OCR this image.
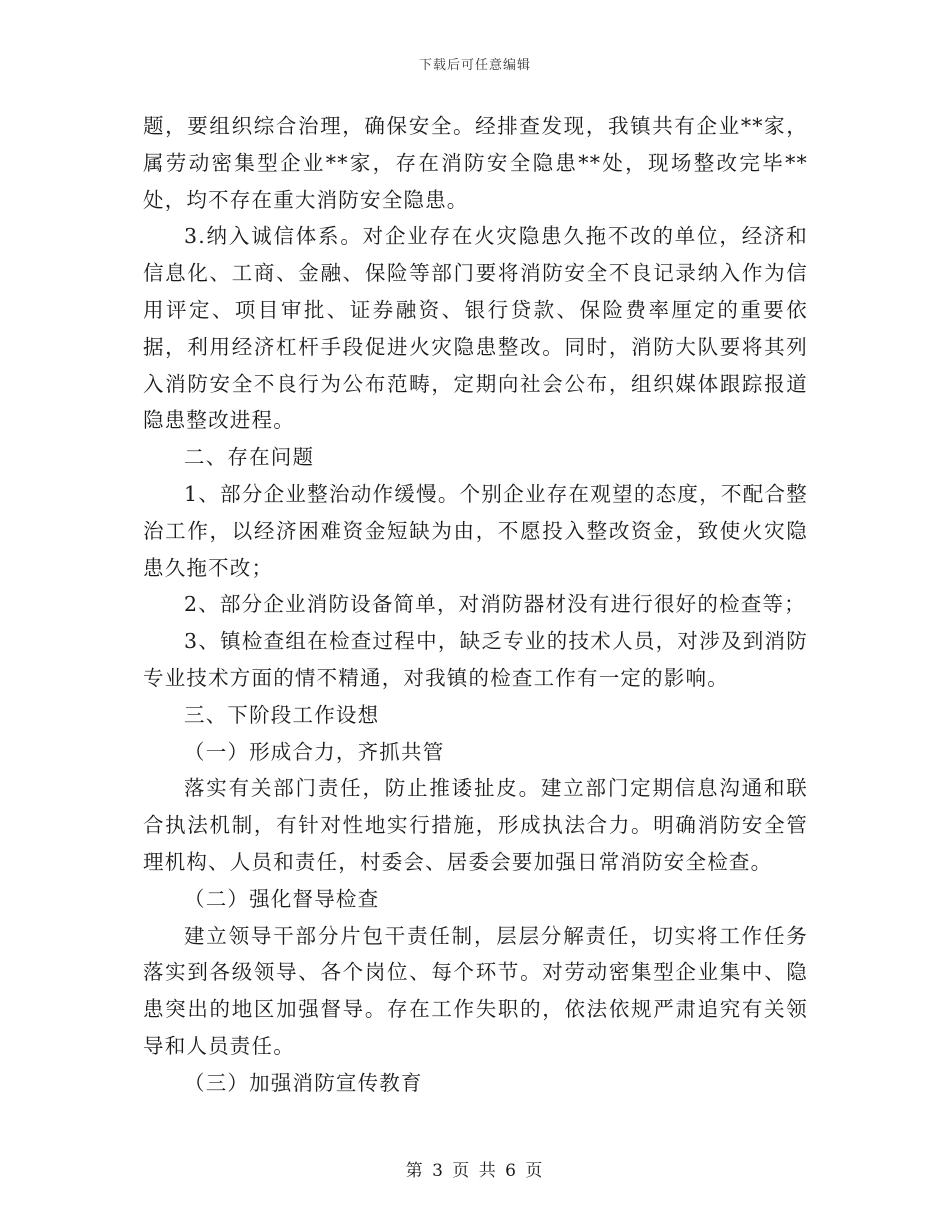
下载后可任意编辑

题，要组织综合治理，确保安全。经排查发现，我镇共有企业**家，属劳动密集型企业**家，存在消防安全隐患**处，现场整改完毕**处，均不存在重大消防安全隐患。

3.纳入诚信体系。对企业存在火灾隐患久拖不改的单位，经济和信息化、工商、金融、保险等部门要将消防安全不良记录纳入作为信用评定、项目审批、证券融资、银行贷款、保险费率厘定的重要依据，利用经济杠杆手段促进火灾隐患整改。同时，消防大队要将其列入消防安全不良行为公布范畴，定期向社会公布，组织媒体跟踪报道隐患整改进程。

二、存在问题

1、部分企业整治动作缓慢。个别企业存在观望的态度，不配合整治工作，以经济困难资金短缺为由，不愿投入整改资金，致使火灾隐患久拖不改；

2、部分企业消防设备简单，对消防器材没有进行很好的检查等；

3、镇检查组在检查过程中，缺乏专业的技术人员，对涉及到消防专业技术方面的情不精通，对我镇的检查工作有一定的影响。

三、下阶段工作设想

（一）形成合力，齐抓共管

落实有关部门责任，防止推诿扯皮。建立部门定期信息沟通和联合执法机制，有针对性地实行措施，形成执法合力。明确消防安全管理机构、人员和责任，村委会、居委会要加强日常消防安全检查。

（二）强化督导检查

建立领导干部分片包干责任制，层层分解责任，切实将工作任务落实到各级领导、各个岗位、每个环节。对劳动密集型企业集中、隐患突出的地区加强督导。存在工作失职的，依法依规严肃追究有关领导和人员责任。

（三）加强消防宣传教育

第 3 页 共 6 页
